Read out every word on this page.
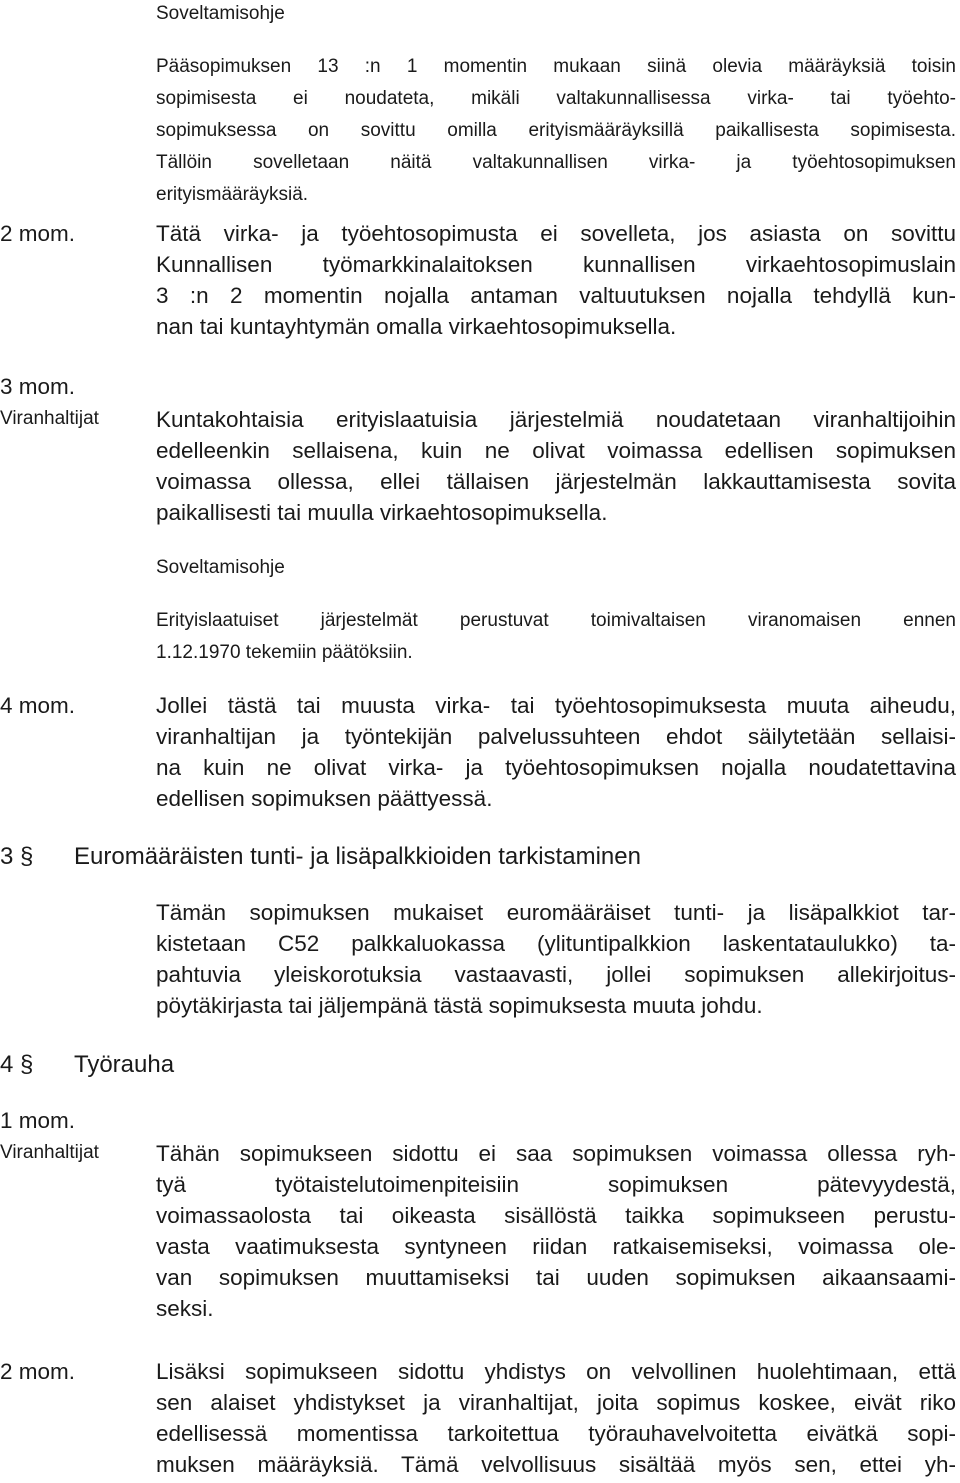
Soveltamisohje
Pääsopimuksen 13 :n 1 momentin mukaan siinä olevia määräyksiä toisin
sopimisesta ei noudateta, mikäli valtakunnallisessa virka- tai työehto-
sopimuksessa on sovittu omilla erityismääräyksillä paikallisesta sopimisesta.
Tällöin sovelletaan näitä valtakunnallisen virka- ja työehtosopimuksen
erityismääräyksiä.
2 mom.	Tätä virka- ja työehtosopimusta ei sovelleta, jos asiasta on sovittu
Kunnallisen työmarkkinalaitoksen kunnallisen virkaehtosopimuslain
3 :n 2 momentin nojalla antaman valtuutuksen nojalla tehdyllä kun-
nan tai kuntayhtymän omalla virkaehtosopimuksella.
3 mom.
Viranhaltijat	Kuntakohtaisia erityislaatuisia järjestelmiä noudatetaan viranhaltijoihin
edelleenkin sellaisena, kuin ne olivat voimassa edellisen sopimuksen
voimassa ollessa, ellei tällaisen järjestelmän lakkauttamisesta sovita
paikallisesti tai muulla virkaehtosopimuksella.
Soveltamisohje
Erityislaatuiset järjestelmät perustuvat toimivaltaisen viranomaisen ennen
1.12.1970 tekemiin päätöksiin.
4 mom.	Jollei tästä tai muusta virka- tai työehtosopimuksesta muuta aiheudu,
viranhaltijan ja työntekijän palvelussuhteen ehdot säilytetään sellaisi-
na kuin ne olivat virka- ja työehtosopimuksen nojalla noudatettavina
edellisen sopimuksen päättyessä.
3 § Euromääräisten tunti- ja lisäpalkkioiden tarkistaminen
Tämän sopimuksen mukaiset euromääräiset tunti- ja lisäpalkkiot tar-
kistetaan C52 palkkaluokassa (ylituntipalkkion laskentataulukko) ta-
pahtuvia yleiskorotuksia vastaavasti, jollei sopimuksen allekirjoitus-
pöytäkirjasta tai jäljempänä tästä sopimuksesta muuta johdu.
4 § Työrauha
1 mom.
Viranhaltijat	Tähän sopimukseen sidottu ei saa sopimuksen voimassa ollessa ryh-
tyä työtaistelutoimenpiteisiin sopimuksen pätevyydestä,
voimassaolosta tai oikeasta sisällöstä taikka sopimukseen perustu-
vasta vaatimuksesta syntyneen riidan ratkaisemiseksi, voimassa ole-
van sopimuksen muuttamiseksi tai uuden sopimuksen aikaansaami-
seksi.
2 mom.	Lisäksi sopimukseen sidottu yhdistys on velvollinen huolehtimaan, että
sen alaiset yhdistykset ja viranhaltijat, joita sopimus koskee, eivät riko
edellisessä momentissa tarkoitettua työrauhavelvoitetta eivätkä sopi-
muksen määräyksiä. Tämä velvollisuus sisältää myös sen, ettei yh-
